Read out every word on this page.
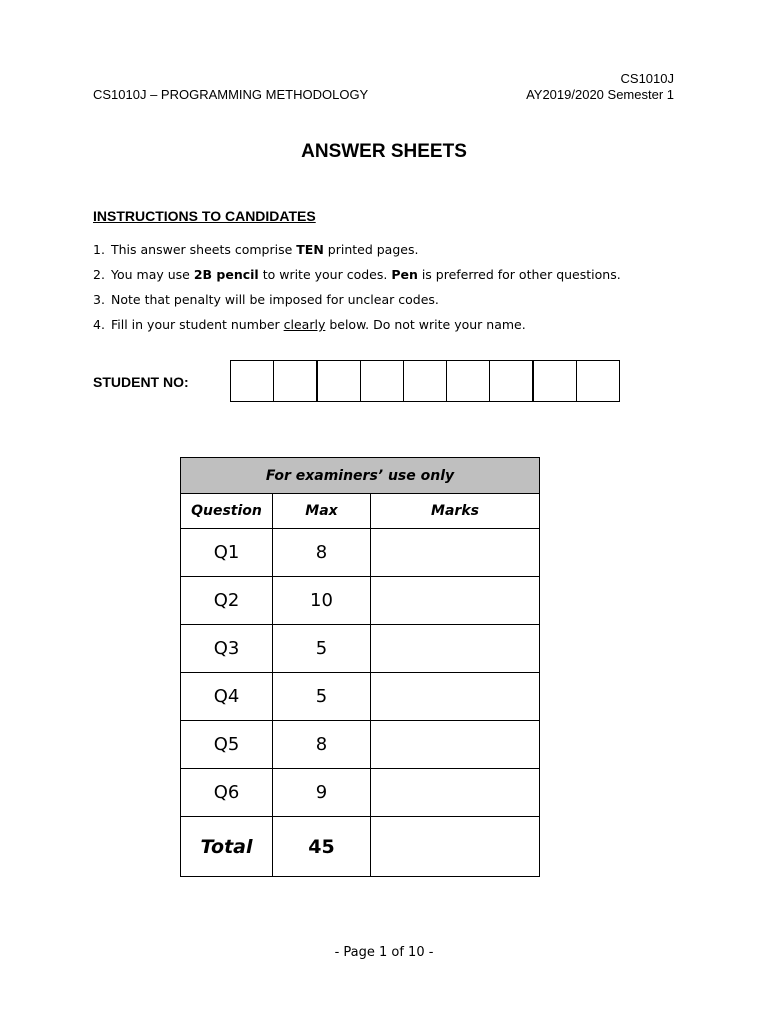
CS1010J
CS1010J – PROGRAMMING METHODOLOGY	AY2019/2020 Semester 1
ANSWER SHEETS
INSTRUCTIONS TO CANDIDATES
1. This answer sheets comprise TEN printed pages.
2. You may use 2B pencil to write your codes. Pen is preferred for other questions.
3. Note that penalty will be imposed for unclear codes.
4. Fill in your student number clearly below. Do not write your name.
STUDENT NO:
For examiners’ use only		
Question	Max	Marks
Q1	8	
Q2	10	
Q3	5	
Q4	5	
Q5	8	
Q6	9	
Total	45	
- Page 1 of 10 -
